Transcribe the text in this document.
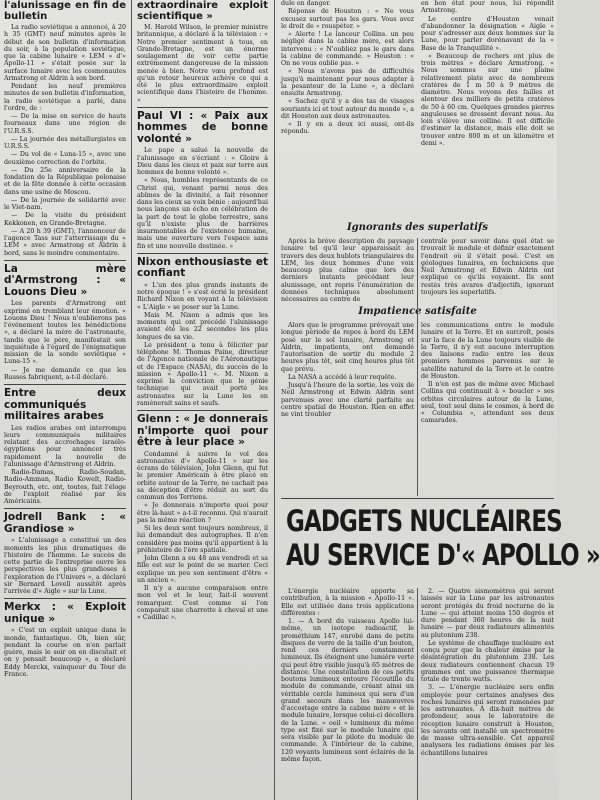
l'alunissage en fin de bulletin

La radio soviétique a annoncé, à 20 h 35 (GMT) neuf minutes après le début de son bulletin d'information du soir, à la population soviétique, que la cabine lunaire « LEM » d'« Apollo-11 » s'était posée sur la surface lunaire avec les cosmonautes Armstrong et Aldrin à son bord.

Pendant les neuf premières minutes de son bulletin d'information, la radio soviétique a parlé, dans l'ordre, de :

— De la mise en service de hauts fourneaux dans une région de l'U.R.S.S.

— La journée des métallurgistes en U.R.S.S.

— Du vol de « Luna-15 », avec une deuxième correction de l'orbite.

— Du 25e anniversaire de la fondation de la République polonaise et de la fête donnée à cette occasion dans une usine de Moscou.

— De la journée de solidarité avec le Viet-nam.

— De la visite du président Kekkonen, en Grande-Bretagne.

— A 20 h 39 (GMT), l'annonceur de l'agence Tass sur l'atterrissage du « LEM » avec Armstrong et Aldrin à bord, sans le moindre commentaire.

La mère d'Armstrong : « Louons Dieu »

Les parents d'Armstrong ont exprimé en tremblant leur émotion. « Louons Dieu ! Nous n'oublierons pas l'événement toutes les bénédictions », a déclaré la mère de l'astronaute, tandis que le père, manifestait son inquiétude à l'égard de l'énigmatique mission de la sonde soviétique « Luna-15 ».

— Je me demande ce que les Russes fabriquent, a-t-il déclaré.

Entre deux communiqués militaires arabes

Les radios arabes ont interrompu leurs communiqués militaires relatant des accrochages israélo-égyptiens pour annoncer très rapidement la nouvelle de l'alunissage d'Armstrong et Aldrin.

Radio-Damas, Radio-Soudan, Radio-Amman, Radio Koweït, Radio-Beyrouth, etc. ont, toutes, fait l'éloge de l'exploit réalisé par les Américains.

Jodrell Bank : « Grandiose »

« L'alunissage a constitué un des moments les plus dramatiques de l'histoire de l'homme. Le succès de cette partie de l'entreprise ouvre les perspectives les plus grandioses à l'exploration de l'Univers », a déclaré sir Bernard Lovell aussitôt après l'arrivée d'« Aigle » sur la Lune.

Merkx : « Exploit unique »

« C'est un exploit unique dans le monde, fantastique. Oh, bien sûr, pendant la course on n'en parlait guère, mais le soir on en discutait et on y pensait beaucoup », a déclaré Eddy Merckx, vainqueur du Tour de France.

extraordinaire exploit scientifique »

M. Harold Wilson, le premier ministre britannique, a déclaré à la télévision : « Notre premier sentiment à tous, en Grande-Bretagne, est un énorme soulagement de voir cette partie extrêmement dangereuse de la mission menée à bien. Notre vœu profond est qu'un retour heureux achève ce qui a été le plus extraordinaire exploit scientifique dans l'histoire de l'homme. »

Paul VI : « Paix aux hommes de bonne volonté »

Le pape a salué la nouvelle de l'alunissage en s'écriant : « Gloire à Dieu dans les cieux et paix sur terre aux hommes de bonne volonté ».

« Nous, humbles représentants de ce Christ qui, venant parmi nous des abîmes de la divinité, a fait résonner dans les cieux sa voix bénie : aujourd'hui nous lançons un écho en célébration de la part de tout le globe terrestre, sans qu'il n'existe plus de barrières insurmontables de l'existence humaine, mais une ouverture vers l'espace sans fin et une nouvelle destinée. »

Nixon enthousiaste et confiant

« L'un des plus grands instants de notre époque ! » s'est écrié le président Richard Nixon en voyant à la télévision « L'Aigle » se poser sur la Lune.

Mais M. Nixon a admis que les moments qui ont précédé l'alunissage avaient été les 22 secondes les plus longues de sa vie.

Le président a tenu à féliciter par téléphone M. Thomas Paine, directeur de l'Agence nationale de l'Aéronautique et de l'Espace (NASA), du succès de la mission « Apollo-11 ». M. Nixon a exprimé la conviction que le génie technique qui avait porté les astronautes sur la Lune les en ramènerait sains et saufs.

Glenn : « Je donnerais n'importe quoi pour être à leur place »

Condamné à suivre le vol des astronautes d'« Apollo-11 » sur les écrans de télévision, John Glenn, qui fut le premier Américain à être placé en orbite autour de la Terre, ne cachait pas sa déception d'être réduit au sort du commun des Terriens.

« Je donnerais n'importe quoi pour être là-haut » a-t-il reconnu. Qui n'aurait pas la même réaction ?

Si les deux sont toujours nombreux, il lui demandait des autographes. Il n'en considère pas moins qu'il appartient à la préhistoire de l'ère spatiale.

John Glenn a eu 48 ans vendredi et sa fille est sur le point de se marier. Ceci explique un peu son sentiment d'être « un ancien ».

Il n'y a aucune comparaison entre mon vol et le leur, fait-il souvent remarquer. C'est comme si l'on comparait une charrette à cheval et une « Cadillac ».

dule en danger.

Réponse de Houston : « Ne vous excusez surtout pas les gars. Vous avez le droit de « rouspéter. »

« Alerte ! Le lanceur Collins. un peu négligé dans la cabine mère, est alors intervenu : « N'oubliez pas le gars dans la cabine de commande. » Houston : « On ne vous oublie pas. »

« Nous n'avons pas de difficultés jusqu'à maintenant pour nous adapter à la pesanteur de la Lune », a déclaré ensuite Armstrong.

« Sachez qu'il y a des tas de visages souriants ici et tout autour du monde », a dit Houston aux deux astronautes.

« Il y en a deux ici aussi, ont-ils répondu.

en bon état pour nous, lui répondit Armstrong.

Le centre d'Houston venait d'abandonner la désignation « Aigle » pour s'adresser aux deux hommes sur la Lune, pour parler dorénavant de la « Base de la Tranquillité ».

« Beaucoup de rochers ont plus de trois mètres » déclare Armstrong. « Nous sommes sur une plaine relativement plate avec de nombreux cratères de 1 m 50 à 9 mètres de diamètre. Nous voyons des failles et alentour des milliers de petits cratères de 50 à 60 cm. Quelques grandes pierres anguleuses se dressent devant nous. Au loin s'élève une colline. Il est difficile d'estimer la distance, mais elle doit se trouver entre 800 m et un kilomètre et demi ».

Ignorants des superlatifs

Après la brève description du paysage lunaire tel qu'il leur apparaissait au travers des deux hublots triangulaires du LEM, les deux hommes d'une voix beaucoup plus calme que lors des derniers instants précédant leur alunissage, ont repris l'énumération de données techniques absolument nécessaires au centre de

centrale pour savoir dans quel état se trouvait le module et définir exactement l'endroit où il s'était posé. C'est en géologues lunaires, en techniciens que Neil Armstrong et Edwin Aldrin ont expliqué ce qu'ils voyaient. Ils sont restés très avares d'adjectifs, ignorant toujours les superlatifs.

Impatience satisfaite

Alors que le programme prévoyait une longue période de repos à bord du LEM posé sur le sol lunaire, Armstrong et Aldrin, impatients, ont demandé l'autorisation de sortir du module 2 heures plus tôt, soit cinq heures plus tôt que prévu.

La NASA a accédé à leur requête.

Jusqu'à l'heure de la sortie, les voix de Neil Armstrong et Edwin Aldrin sont parvenues avec une clarté parfaite au centre spatial de Houston. Rien en effet ne vint troubler

les communications entre le module lunaire et la Terre. Et en surcroît, posés sur la face de la Lune toujours visible de la Terre, il n'y eut aucune interruption des liaisons radio entre les deux premiers hommes parvenus sur le satellite naturel de la Terre et le centre de Houston.

Il n'en est pas de même avec Michael Collins qui continuait à « boucler » ses orbites circulaires autour de la Lune, seul, tout seul dans le cosmos, à bord de « Columbia », attendant ses deux camarades.

GADGETS NUCLÉAIRES
AU SERVICE D'« APOLLO »

L'énergie nucléaire apporte sa contribution, à la mission « Apollo-11 ». Elle est utilisée dans trois applications différentes :

1. — A bord du vaisseau Apollo lui-même, un isotope radioactif, le prométhium 147, enrobé dans de petits disques de verre de la taille d'un bouton, rend ces derniers constamment lumineux. Ils éteignent une lumière verte qui peut être visible jusqu'à 65 mètres de distance. Une constellation de ces petits boutons lumineux entoure l'écoutille du module de commande, créant ainsi un véritable cercle lumineux qui sera d'un grand secours dans les manœuvres d'accostage entre la cabine mère » et le module lunaire, lorsque celui-ci décollera de la Lune. « oeil » lumineux du même type est fixé sur le module lunaire qui sera visible par le pilote du module de commande. A l'intérieur de la cabine, 120 voyants lumineux sont éclairés de la même façon.

2. — Quatre sismomètres qui seront laissés sur la Lune par les astronautes seront protégés du froid nocturne de la Lune — qui atteint moins 150 degrés et dure pendant 360 heures de la nuit lunaire — par deux radiateurs alimentés au plutonium 238.

Le système de chauffage nucléaire est conçu pour que la chaleur émise par la désintégration du plutonium 238. Les deux radiateurs contiennent chacun 19 grammes ont une puissance thermique totale de trente watts.

3. — L'énergie nucléaire sera enfin employée pour certaines analyses des roches lunaires qui seront ramenées par les astronautes. À dix-huit mètres de profondeur, sous le laboratoire de réception lunaire construit à Houston, les savants ont installé un spectromètre de masse ultra-sensible. Cet appareil analysera les radiations émises par les échantillons lunaires
